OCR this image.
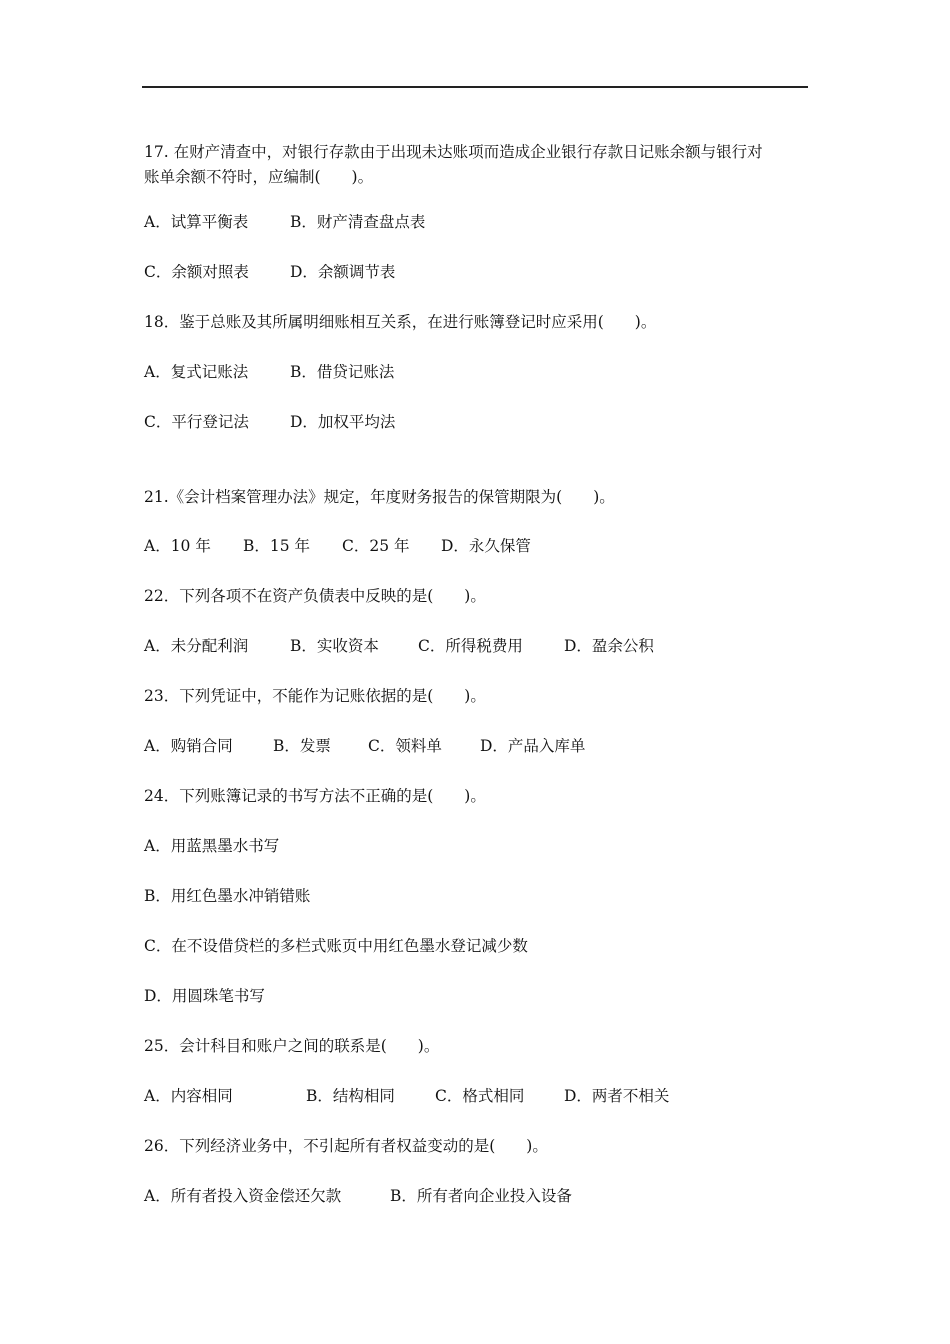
17. 在财产清查中，对银行存款由于出现未达账项而造成企业银行存款日记账余额与银行对

账单余额不符时，应编制(　　)。

A．试算平衡表	B．财产清查盘点表
C．余额对照表	D．余额调节表

18．鉴于总账及其所属明细账相互关系，在进行账簿登记时应采用(　　)。

A．复式记账法	B．借贷记账法
C．平行登记法	D．加权平均法

21.《会计档案管理办法》规定，年度财务报告的保管期限为(　　)。

A．10 年	B．15 年	C．25 年	D．永久保管

22．下列各项不在资产负债表中反映的是(　　)。

A．未分配利润	B．实收资本	C．所得税费用	D．盈余公积

23．下列凭证中，不能作为记账依据的是(　　)。

A．购销合同	B．发票	C．领料单	D．产品入库单

24．下列账簿记录的书写方法不正确的是(　　)。

A．用蓝黑墨水书写
B．用红色墨水冲销错账
C．在不设借贷栏的多栏式账页中用红色墨水登记减少数
D．用圆珠笔书写

25．会计科目和账户之间的联系是(　　)。

A．内容相同	B．结构相同	C．格式相同	D．两者不相关

26．下列经济业务中，不引起所有者权益变动的是(　　)。

A．所有者投入资金偿还欠款	B．所有者向企业投入设备
